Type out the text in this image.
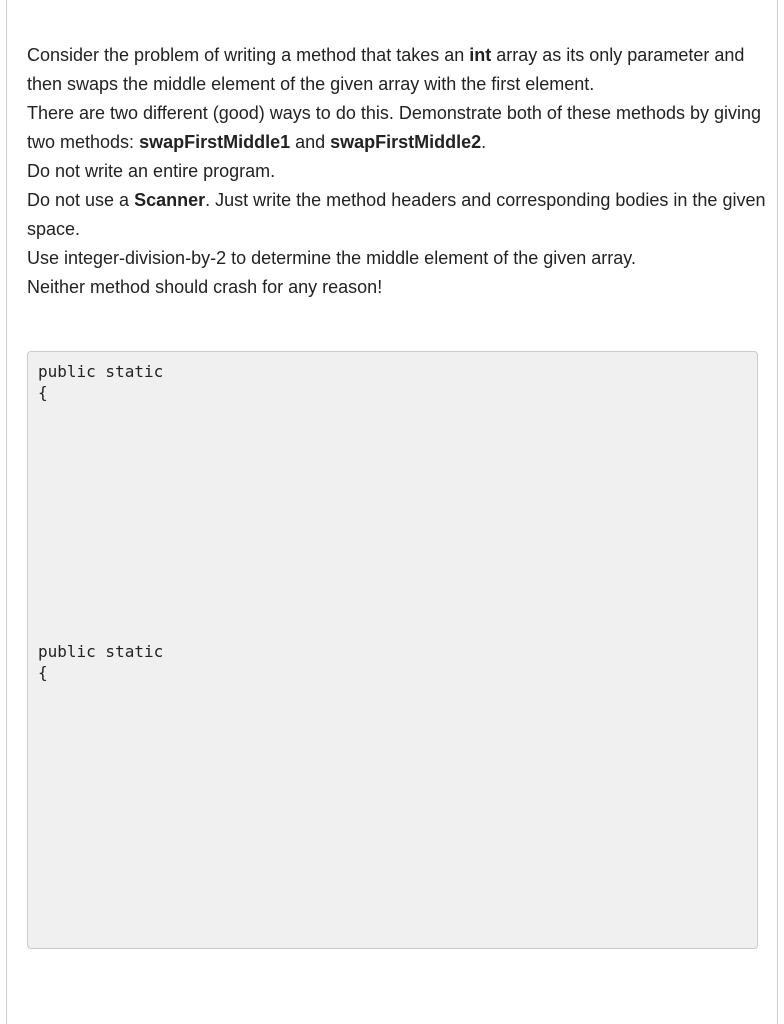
Consider the problem of writing a method that takes an int array as its only parameter and then swaps the middle element of the given array with the first element.

There are two different (good) ways to do this. Demonstrate both of these methods by giving two methods: swapFirstMiddle1 and swapFirstMiddle2.

Do not write an entire program.

Do not use a Scanner. Just write the method headers and corresponding bodies in the given space.

Use integer-division-by-2 to determine the middle element of the given array.

Neither method should crash for any reason!

public static
{
public static
{
